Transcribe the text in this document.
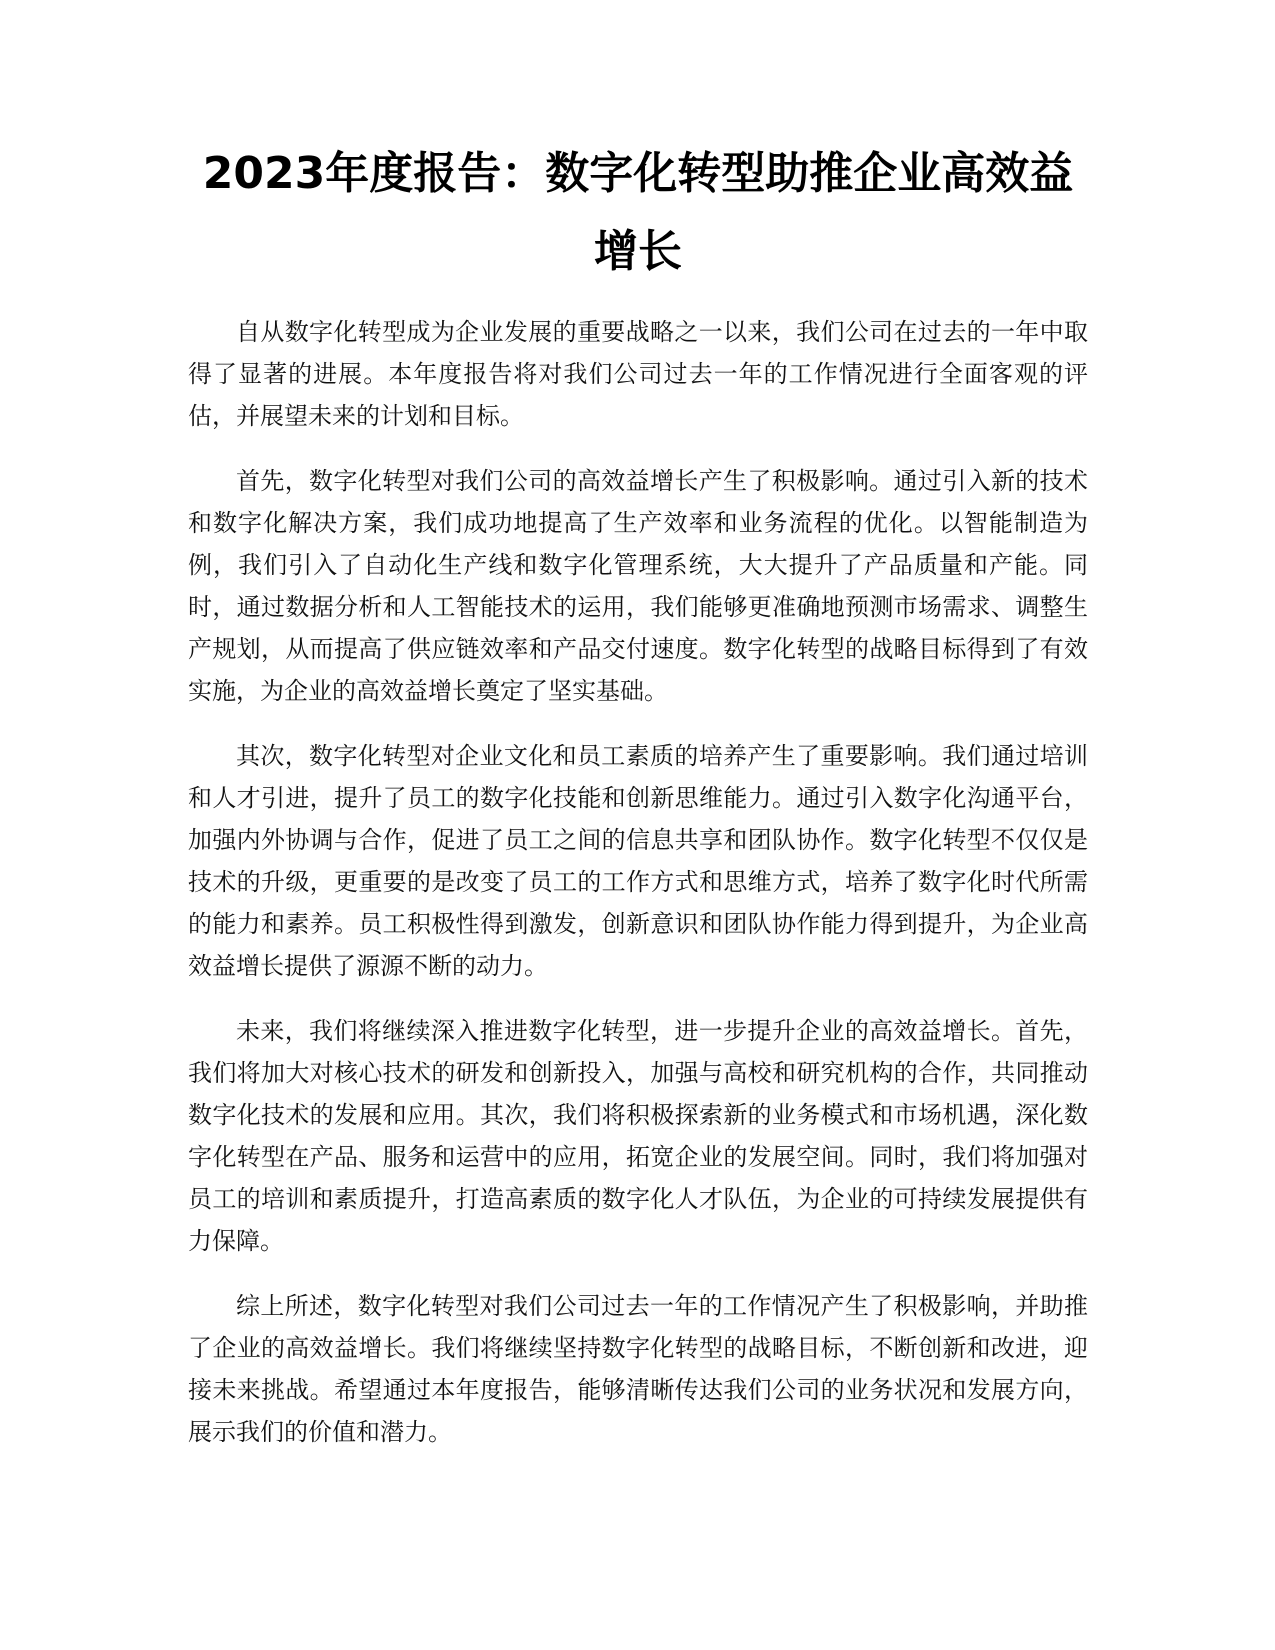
2023年度报告：数字化转型助推企业高效益
增长

自从数字化转型成为企业发展的重要战略之一以来，我们公司在过去的一年中取得了显著的进展。本年度报告将对我们公司过去一年的工作情况进行全面客观的评估，并展望未来的计划和目标。

首先，数字化转型对我们公司的高效益增长产生了积极影响。通过引入新的技术和数字化解决方案，我们成功地提高了生产效率和业务流程的优化。以智能制造为例，我们引入了自动化生产线和数字化管理系统，大大提升了产品质量和产能。同时，通过数据分析和人工智能技术的运用，我们能够更准确地预测市场需求、调整生产规划，从而提高了供应链效率和产品交付速度。数字化转型的战略目标得到了有效实施，为企业的高效益增长奠定了坚实基础。

其次，数字化转型对企业文化和员工素质的培养产生了重要影响。我们通过培训和人才引进，提升了员工的数字化技能和创新思维能力。通过引入数字化沟通平台，加强内外协调与合作，促进了员工之间的信息共享和团队协作。数字化转型不仅仅是技术的升级，更重要的是改变了员工的工作方式和思维方式，培养了数字化时代所需的能力和素养。员工积极性得到激发，创新意识和团队协作能力得到提升，为企业高效益增长提供了源源不断的动力。

未来，我们将继续深入推进数字化转型，进一步提升企业的高效益增长。首先，我们将加大对核心技术的研发和创新投入，加强与高校和研究机构的合作，共同推动数字化技术的发展和应用。其次，我们将积极探索新的业务模式和市场机遇，深化数字化转型在产品、服务和运营中的应用，拓宽企业的发展空间。同时，我们将加强对员工的培训和素质提升，打造高素质的数字化人才队伍，为企业的可持续发展提供有力保障。

综上所述，数字化转型对我们公司过去一年的工作情况产生了积极影响，并助推了企业的高效益增长。我们将继续坚持数字化转型的战略目标，不断创新和改进，迎接未来挑战。希望通过本年度报告，能够清晰传达我们公司的业务状况和发展方向，展示我们的价值和潜力。
